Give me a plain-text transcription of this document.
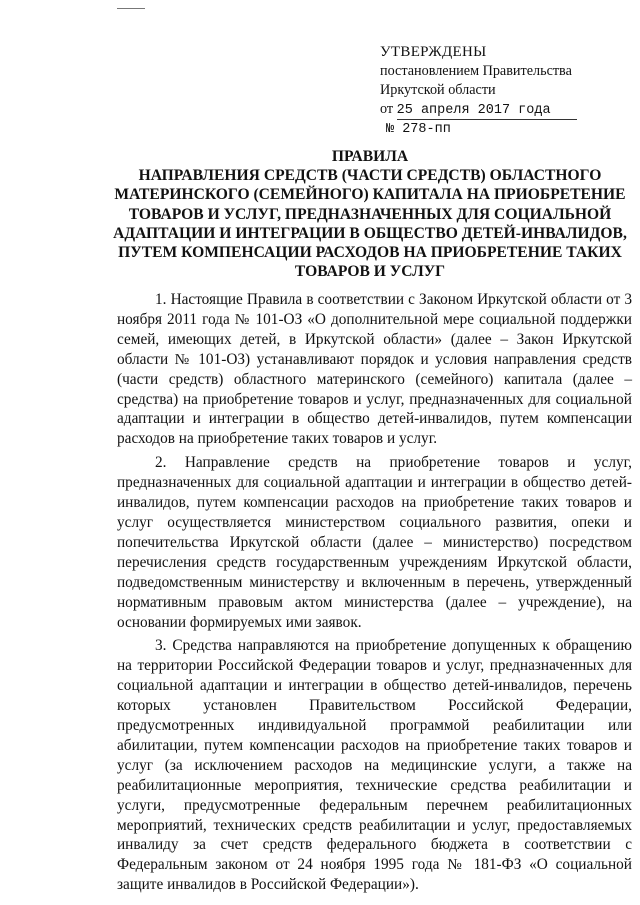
УТВЕРЖДЕНЫ
постановлением Правительства
Иркутской области
от 25 апреля 2017 года
№ 278-пп
ПРАВИЛА
НАПРАВЛЕНИЯ СРЕДСТВ (ЧАСТИ СРЕДСТВ) ОБЛАСТНОГО
МАТЕРИНСКОГО (СЕМЕЙНОГО) КАПИТАЛА НА ПРИОБРЕТЕНИЕ
ТОВАРОВ И УСЛУГ, ПРЕДНАЗНАЧЕННЫХ ДЛЯ СОЦИАЛЬНОЙ
АДАПТАЦИИ И ИНТЕГРАЦИИ В ОБЩЕСТВО ДЕТЕЙ-ИНВАЛИДОВ,
ПУТЕМ КОМПЕНСАЦИИ РАСХОДОВ НА ПРИОБРЕТЕНИЕ ТАКИХ
ТОВАРОВ И УСЛУГ

1. Настоящие Правила в соответствии с Законом Иркутской области от 3 ноября 2011 года № 101-ОЗ «О дополнительной мере социальной поддержки семей, имеющих детей, в Иркутской области» (далее – Закон Иркутской области № 101-ОЗ) устанавливают порядок и условия направления средств (части средств) областного материнского (семейного) капитала (далее – средства) на приобретение товаров и услуг, предназначенных для социальной адаптации и интеграции в общество детей-инвалидов, путем компенсации расходов на приобретение таких товаров и услуг.

2. Направление средств на приобретение товаров и услуг, предназначенных для социальной адаптации и интеграции в общество детей-инвалидов, путем компенсации расходов на приобретение таких товаров и услуг осуществляется министерством социального развития, опеки и попечительства Иркутской области (далее – министерство) посредством перечисления средств государственным учреждениям Иркутской области, подведомственным министерству и включенным в перечень, утвержденный нормативным правовым актом министерства (далее – учреждение), на основании формируемых ими заявок.

3. Средства направляются на приобретение допущенных к обращению на территории Российской Федерации товаров и услуг, предназначенных для социальной адаптации и интеграции в общество детей-инвалидов, перечень которых установлен Правительством Российской Федерации, предусмотренных индивидуальной программой реабилитации или абилитации, путем компенсации расходов на приобретение таких товаров и услуг (за исключением расходов на медицинские услуги, а также на реабилитационные мероприятия, технические средства реабилитации и услуги, предусмотренные федеральным перечнем реабилитационных мероприятий, технических средств реабилитации и услуг, предоставляемых инвалиду за счет средств федерального бюджета в соответствии с Федеральным законом от 24 ноября 1995 года № 181-ФЗ «О социальной защите инвалидов в Российской Федерации»).
